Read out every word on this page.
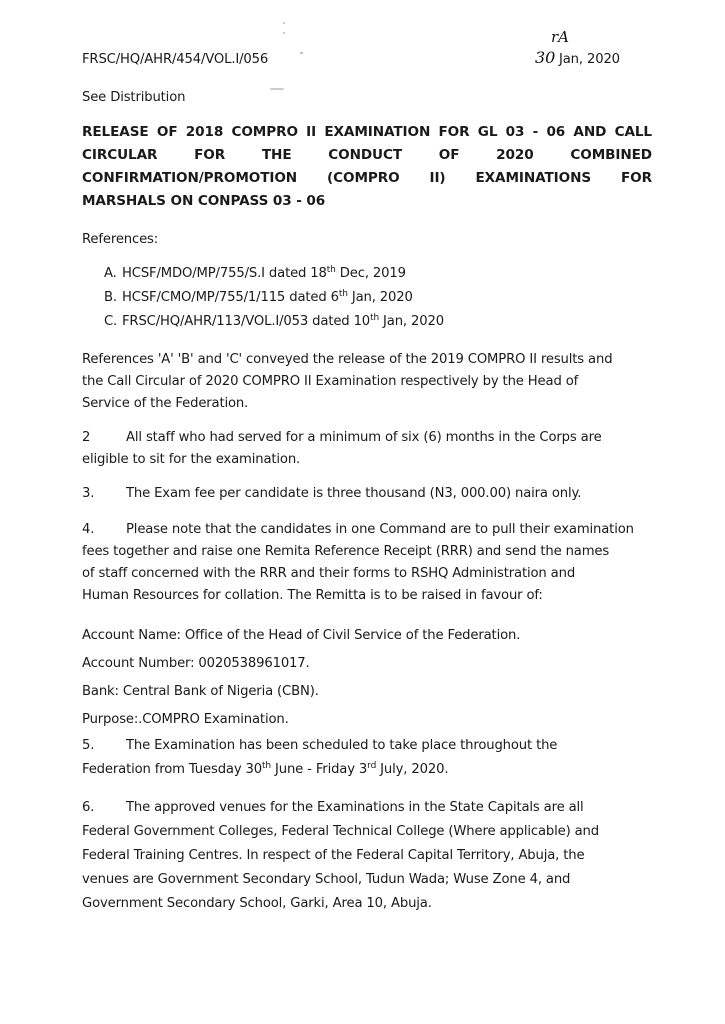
FRSC/HQ/AHR/454/VOL.I/056
rA
30 Jan, 2020
See Distribution
RELEASE OF 2018 COMPRO II EXAMINATION FOR GL 03 - 06 AND CALL
CIRCULAR FOR THE CONDUCT OF 2020 COMBINED
CONFIRMATION/PROMOTION (COMPRO II) EXAMINATIONS FOR
MARSHALS ON CONPASS 03 - 06
References:
A. HCSF/MDO/MP/755/S.I dated 18th Dec, 2019
B. HCSF/CMO/MP/755/1/115 dated 6th Jan, 2020
C. FRSC/HQ/AHR/113/VOL.I/053 dated 10th Jan, 2020
References 'A' 'B' and 'C' conveyed the release of the 2019 COMPRO II results and
the Call Circular of 2020 COMPRO II Examination respectively by the Head of
Service of the Federation.
2	All staff who had served for a minimum of six (6) months in the Corps are
eligible to sit for the examination.
3. The Exam fee per candidate is three thousand (N3, 000.00) naira only.
4. Please note that the candidates in one Command are to pull their examination
fees together and raise one Remita Reference Receipt (RRR) and send the names
of staff concerned with the RRR and their forms to RSHQ Administration and
Human Resources for collation. The Remitta is to be raised in favour of:
Account Name: Office of the Head of Civil Service of the Federation.
Account Number: 0020538961017.
Bank: Central Bank of Nigeria (CBN).
Purpose:.COMPRO Examination.
5. The Examination has been scheduled to take place throughout the
Federation from Tuesday 30th June - Friday 3rd July, 2020.
6. The approved venues for the Examinations in the State Capitals are all
Federal Government Colleges, Federal Technical College (Where applicable) and
Federal Training Centres. In respect of the Federal Capital Territory, Abuja, the
venues are Government Secondary School, Tudun Wada; Wuse Zone 4, and
Government Secondary School, Garki, Area 10, Abuja.
